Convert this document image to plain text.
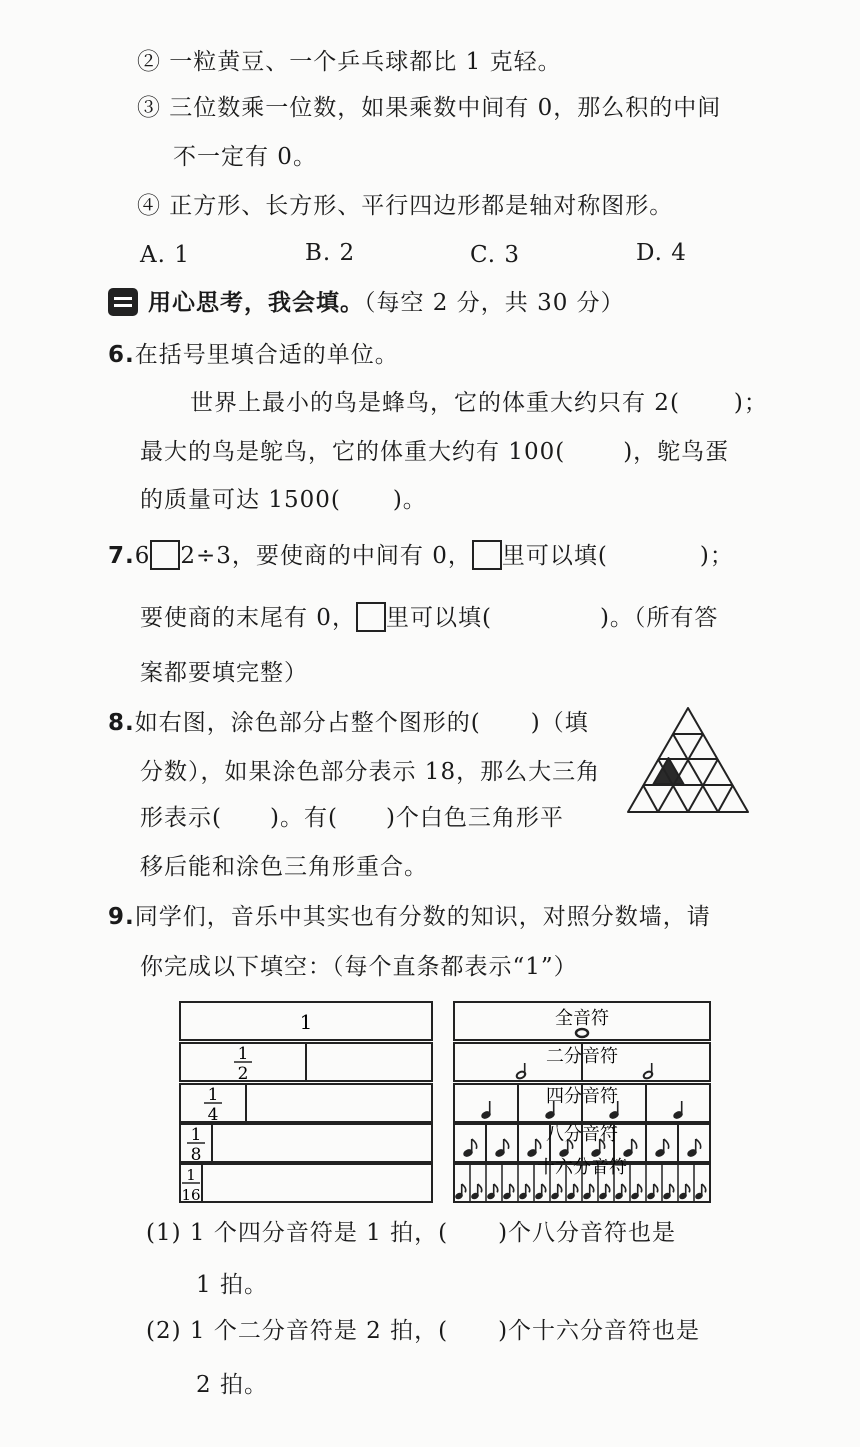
② 一粒黄豆、一个乒乓球都比 1 克轻。
③ 三位数乘一位数，如果乘数中间有 0，那么积的中间
不一定有 0。
④ 正方形、长方形、平行四边形都是轴对称图形。
A. 1	B. 2	C. 3	D. 4
用心思考，我会填。（每空 2 分，共 30 分）
6.在括号里填合适的单位。
世界上最小的鸟是蜂鸟，它的体重大约只有 2( )；
最大的鸟是鸵鸟，它的体重大约有 100(	)，鸵鸟蛋
的质量可达 1500( )。
7.6 2÷3，要使商的中间有 0， 里可以填(	)；
要使商的末尾有 0， 里可以填(	)。（所有答
案都要填完整）
8.如右图，涂色部分占整个图形的( )（填
分数），如果涂色部分表示 18，那么大三角
形表示( )。有( )个白色三角形平
移后能和涂色三角形重合。
9.同学们，音乐中其实也有分数的知识，对照分数墙，请
你完成以下填空：（每个直条都表示“1”）
1
1
2
1
4
1
8
1
16
全音符
二分音符
四分音符
八分音符
十六分音符
(1) 1 个四分音符是 1 拍，( )个八分音符也是
1 拍。
(2) 1 个二分音符是 2 拍，( )个十六分音符也是
2 拍。
